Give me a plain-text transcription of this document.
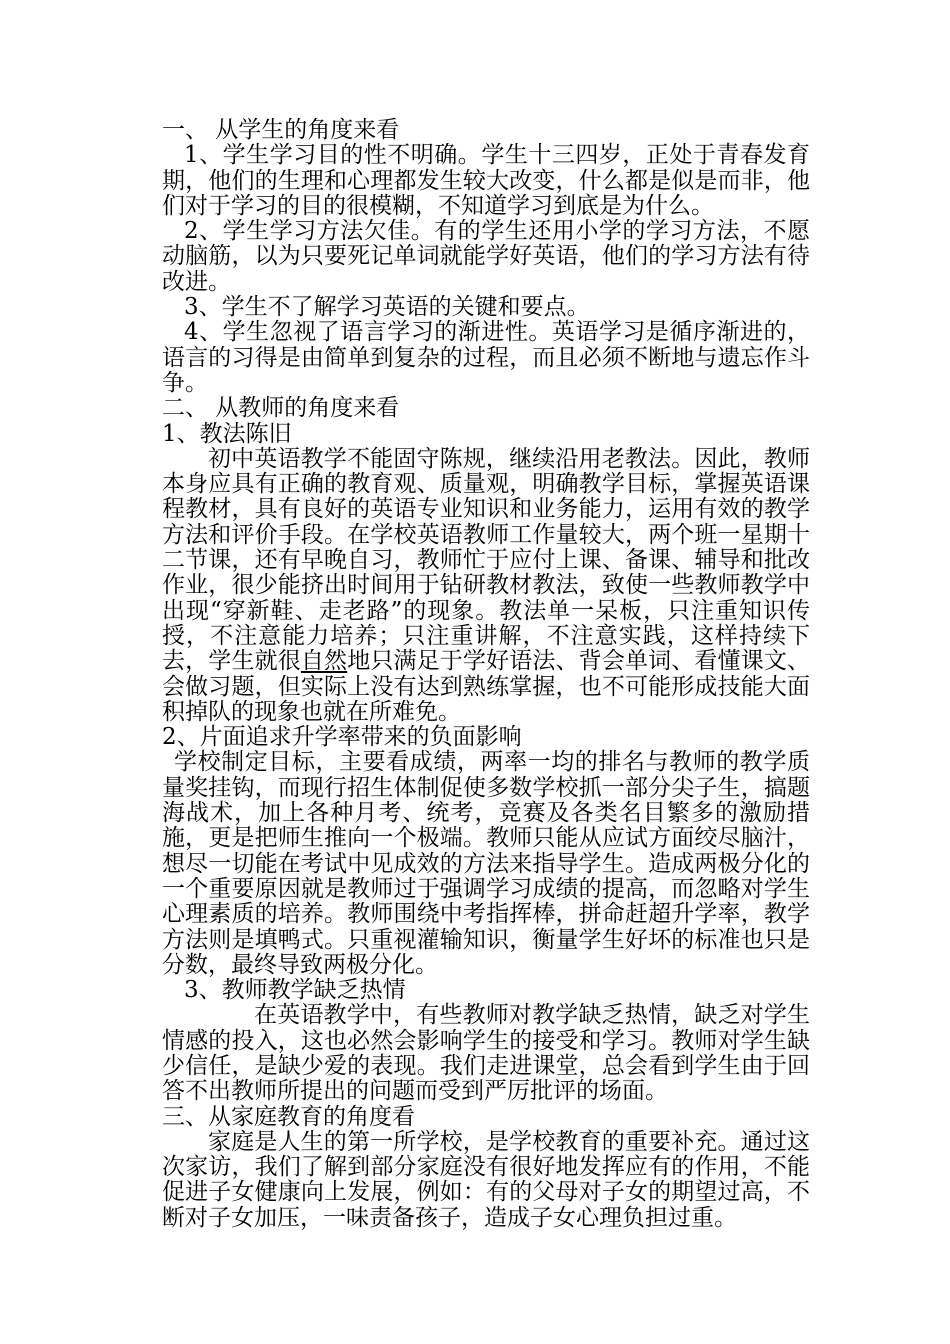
一、 从学生的角度来看

1、学生学习目的性不明确。学生十三四岁，正处于青春发育期，他们的生理和心理都发生较大改变，什么都是似是而非，他们对于学习的目的很模糊，不知道学习到底是为什么。

2、学生学习方法欠佳。有的学生还用小学的学习方法，不愿动脑筋，以为只要死记单词就能学好英语，他们的学习方法有待改进。

3、学生不了解学习英语的关键和要点。

4、学生忽视了语言学习的渐进性。英语学习是循序渐进的，语言的习得是由简单到复杂的过程，而且必须不断地与遗忘作斗争。

二、 从教师的角度来看

1、教法陈旧

初中英语教学不能固守陈规，继续沿用老教法。因此，教师本身应具有正确的教育观、质量观，明确教学目标，掌握英语课程教材，具有良好的英语专业知识和业务能力，运用有效的教学方法和评价手段。在学校英语教师工作量较大，两个班一星期十二节课，还有早晚自习，教师忙于应付上课、备课、辅导和批改作业，很少能挤出时间用于钻研教材教法，致使一些教师教学中出现“穿新鞋、走老路”的现象。教法单一呆板，只注重知识传授，不注意能力培养；只注重讲解，不注意实践，这样持续下去，学生就很自然地只满足于学好语法、背会单词、看懂课文、会做习题，但实际上没有达到熟练掌握，也不可能形成技能大面积掉队的现象也就在所难免。

2、片面追求升学率带来的负面影响

学校制定目标，主要看成绩，两率一均的排名与教师的教学质量奖挂钩，而现行招生体制促使多数学校抓一部分尖子生，搞题海战术，加上各种月考、统考，竞赛及各类名目繁多的激励措施，更是把师生推向一个极端。教师只能从应试方面绞尽脑汁，想尽一切能在考试中见成效的方法来指导学生。造成两极分化的一个重要原因就是教师过于强调学习成绩的提高，而忽略对学生心理素质的培养。教师围绕中考指挥棒，拼命赶超升学率，教学方法则是填鸭式。只重视灌输知识，衡量学生好坏的标准也只是分数，最终导致两极分化。

3、教师教学缺乏热情

在英语教学中，有些教师对教学缺乏热情，缺乏对学生情感的投入，这也必然会影响学生的接受和学习。教师对学生缺少信任，是缺少爱的表现。我们走进课堂，总会看到学生由于回答不出教师所提出的问题而受到严厉批评的场面。

三、从家庭教育的角度看

家庭是人生的第一所学校，是学校教育的重要补充。通过这次家访，我们了解到部分家庭没有很好地发挥应有的作用，不能促进子女健康向上发展，例如：有的父母对子女的期望过高，不断对子女加压，一味责备孩子，造成子女心理负担过重。
